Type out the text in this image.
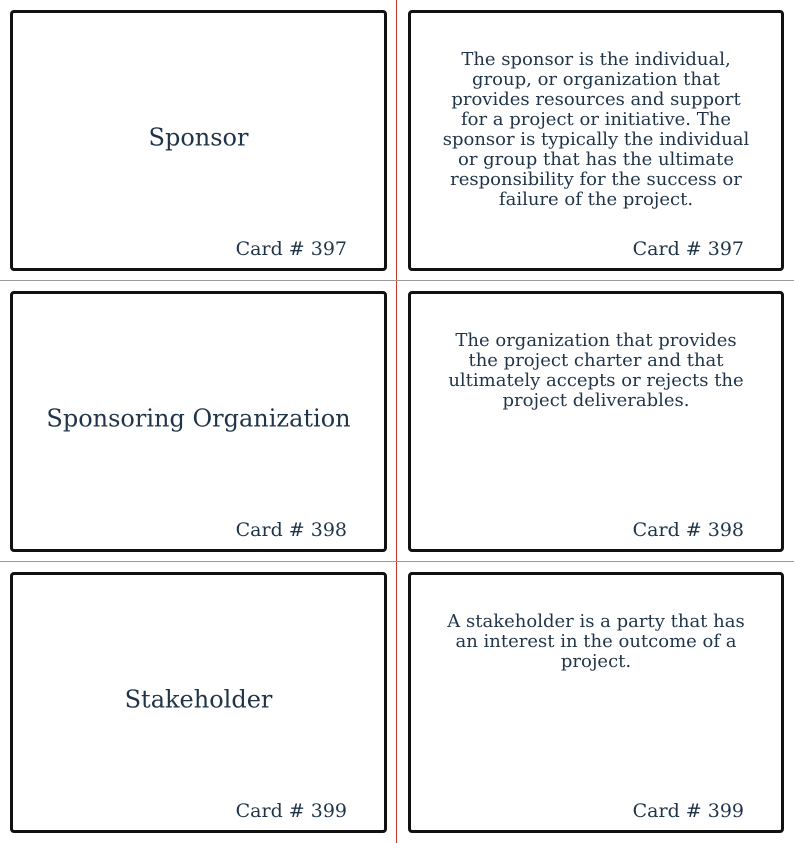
Sponsor
Card # 397
The sponsor is the individual, group, or organization that provides resources and support for a project or initiative. The sponsor is typically the individual or group that has the ultimate responsibility for the success or failure of the project.
Card # 397
Sponsoring Organization
Card # 398
The organization that provides the project charter and that ultimately accepts or rejects the project deliverables.
Card # 398
Stakeholder
Card # 399
A stakeholder is a party that has an interest in the outcome of a project.
Card # 399
